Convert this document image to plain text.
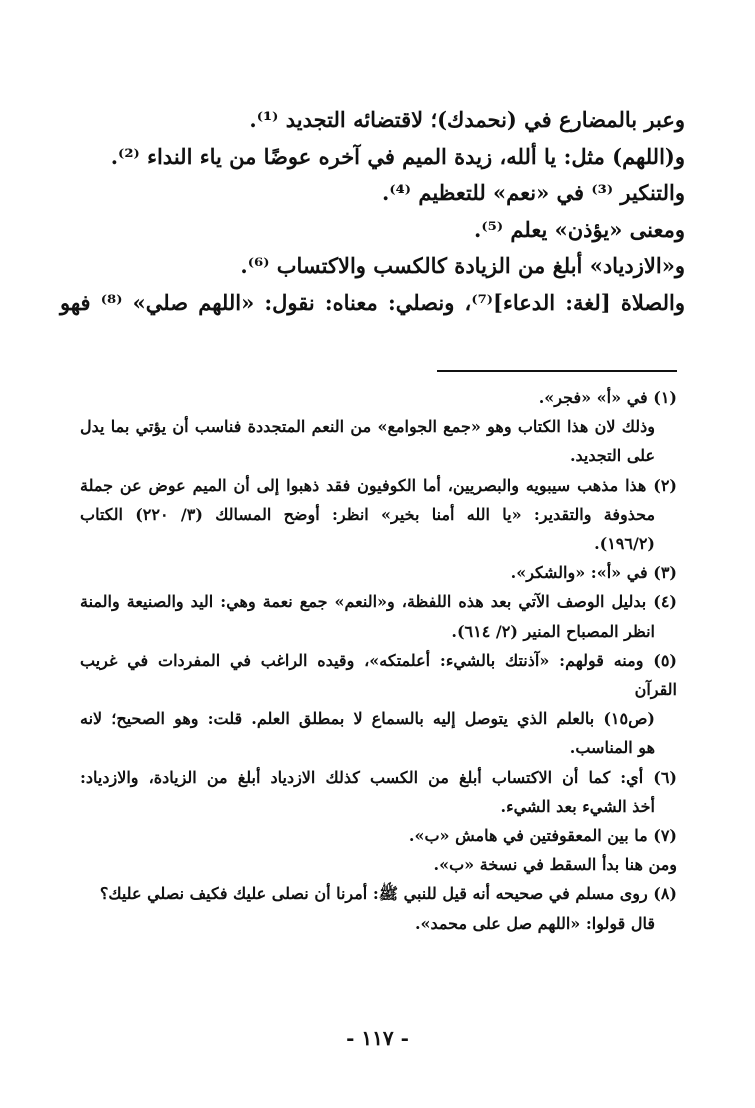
وعبر بالمضارع في (نحمدك)؛ لاقتضائه التجديد ⁽¹⁾.
و(اللهم) مثل: يا ألله، زيدة الميم في آخره عوضًا من ياء النداء ⁽²⁾.
والتنكير ⁽³⁾ في «نعم» للتعظيم ⁽⁴⁾.
ومعنى «يؤذن» يعلم ⁽⁵⁾.
و«الازدياد» أبلغ من الزيادة كالكسب والاكتساب ⁽⁶⁾.
والصلاة [لغة: الدعاء]⁽⁷⁾، ونصلي: معناه: نقول: «اللهم صلي» ⁽⁸⁾ فهو
(١) في «أ» «فجر».
وذلك لان هذا الكتاب وهو «جمع الجوامع» من النعم المتجددة فناسب أن يؤتي بما يدل
على التجديد.
(٢) هذا مذهب سيبويه والبصريين، أما الكوفيون فقد ذهبوا إلى أن الميم عوض عن جملة
محذوفة والتقدير: «يا الله أمنا بخير» انظر: أوضح المسالك (٣/ ٢٢٠) الكتاب
(١٩٦/٢).
(٣) في «أ»: «والشكر».
(٤) بدليل الوصف الآتي بعد هذه اللفظة، و«النعم» جمع نعمة وهي: اليد والصنيعة والمنة
انظر المصباح المنير (٢/ ٦١٤).
(٥) ومنه قولهم: «آذنتك بالشيء: أعلمتكه»، وقيده الراغب في المفردات في غريب القرآن
(ص١٥) بالعلم الذي يتوصل إليه بالسماع لا بمطلق العلم. قلت: وهو الصحيح؛ لانه
هو المناسب.
(٦) أي: كما أن الاكتساب أبلغ من الكسب كذلك الازدياد أبلغ من الزيادة، والازدياد:
أخذ الشيء بعد الشيء.
(٧) ما بين المعقوفتين في هامش «ب».
ومن هنا بدأ السقط في نسخة «ب».
(٨) روى مسلم في صحيحه أنه قيل للنبي ﷺ: أمرنا أن نصلى عليك فكيف نصلي عليك؟
قال قولوا: «اللهم صل على محمد».
- ١١٧ -
